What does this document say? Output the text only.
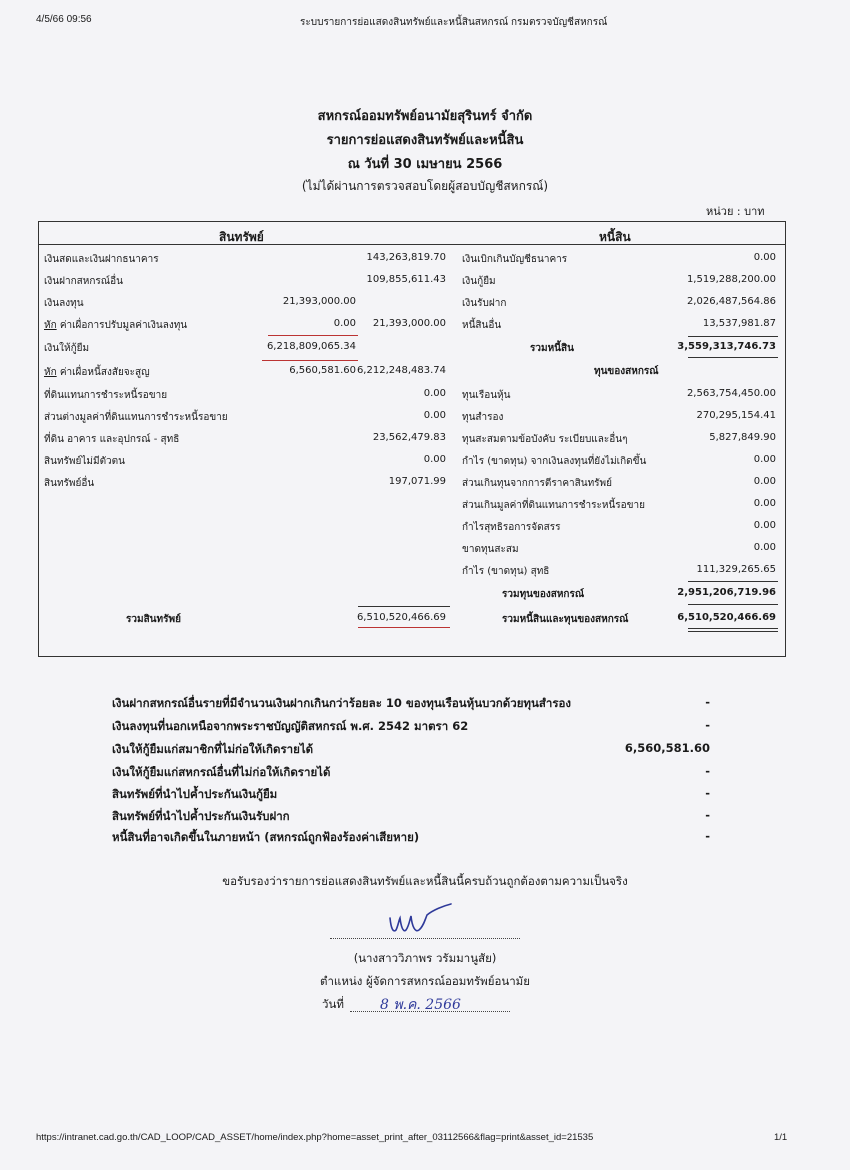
4/5/66 09:56	ระบบรายการย่อแสดงสินทรัพย์และหนี้สินสหกรณ์ กรมตรวจบัญชีสหกรณ์
สหกรณ์ออมทรัพย์อนามัยสุรินทร์ จำกัด
รายการย่อแสดงสินทรัพย์และหนี้สิน
ณ วันที่ 30 เมษายน 2566
(ไม่ได้ผ่านการตรวจสอบโดยผู้สอบบัญชีสหกรณ์)
หน่วย : บาท
สินทรัพย์	หนี้สิน
เงินสดและเงินฝากธนาคาร	143,263,819.70
เงินฝากสหกรณ์อื่น	109,855,611.43
เงินลงทุน	21,393,000.00
หัก ค่าเผื่อการปรับมูลค่าเงินลงทุน	0.00	21,393,000.00
เงินให้กู้ยืม	6,218,809,065.34
หัก ค่าเผื่อหนี้สงสัยจะสูญ	6,560,581.60 6,212,248,483.74
ที่ดินแทนการชำระหนี้รอขาย	0.00
ส่วนต่างมูลค่าที่ดินแทนการชำระหนี้รอขาย	0.00
ที่ดิน อาคาร และอุปกรณ์ - สุทธิ	23,562,479.83
สินทรัพย์ไม่มีตัวตน	0.00
สินทรัพย์อื่น	197,071.99
รวมสินทรัพย์	6,510,520,466.69
เงินเบิกเกินบัญชีธนาคาร	0.00
เงินกู้ยืม	1,519,288,200.00
เงินรับฝาก	2,026,487,564.86
หนี้สินอื่น	13,537,981.87
รวมหนี้สิน	3,559,313,746.73
ทุนของสหกรณ์
ทุนเรือนหุ้น	2,563,754,450.00
ทุนสำรอง	270,295,154.41
ทุนสะสมตามข้อบังคับ ระเบียบและอื่นๆ	5,827,849.90
กำไร (ขาดทุน) จากเงินลงทุนที่ยังไม่เกิดขึ้น	0.00
ส่วนเกินทุนจากการตีราคาสินทรัพย์	0.00
ส่วนเกินมูลค่าที่ดินแทนการชำระหนี้รอขาย	0.00
กำไรสุทธิรอการจัดสรร	0.00
ขาดทุนสะสม	0.00
กำไร (ขาดทุน) สุทธิ	111,329,265.65
รวมทุนของสหกรณ์	2,951,206,719.96
รวมหนี้สินและทุนของสหกรณ์	6,510,520,466.69
เงินฝากสหกรณ์อื่นรายที่มีจำนวนเงินฝากเกินกว่าร้อยละ 10 ของทุนเรือนหุ้นบวกด้วยทุนสำรอง	-
เงินลงทุนที่นอกเหนือจากพระราชบัญญัติสหกรณ์ พ.ศ. 2542 มาตรา 62	-
เงินให้กู้ยืมแก่สมาชิกที่ไม่ก่อให้เกิดรายได้	6,560,581.60
เงินให้กู้ยืมแก่สหกรณ์อื่นที่ไม่ก่อให้เกิดรายได้	-
สินทรัพย์ที่นำไปค้ำประกันเงินกู้ยืม	-
สินทรัพย์ที่นำไปค้ำประกันเงินรับฝาก	-
หนี้สินที่อาจเกิดขึ้นในภายหน้า (สหกรณ์ถูกฟ้องร้องค่าเสียหาย)	-
ขอรับรองว่ารายการย่อแสดงสินทรัพย์และหนี้สินนี้ครบถ้วนถูกต้องตามความเป็นจริง
(นางสาววิภาพร วรัมมานูสัย)
ตำแหน่ง ผู้จัดการสหกรณ์ออมทรัพย์อนามัย
วันที่	8 พ.ค. 2566
https://intranet.cad.go.th/CAD_LOOP/CAD_ASSET/home/index.php?home=asset_print_after_03112566&flag=print&asset_id=21535	1/1
